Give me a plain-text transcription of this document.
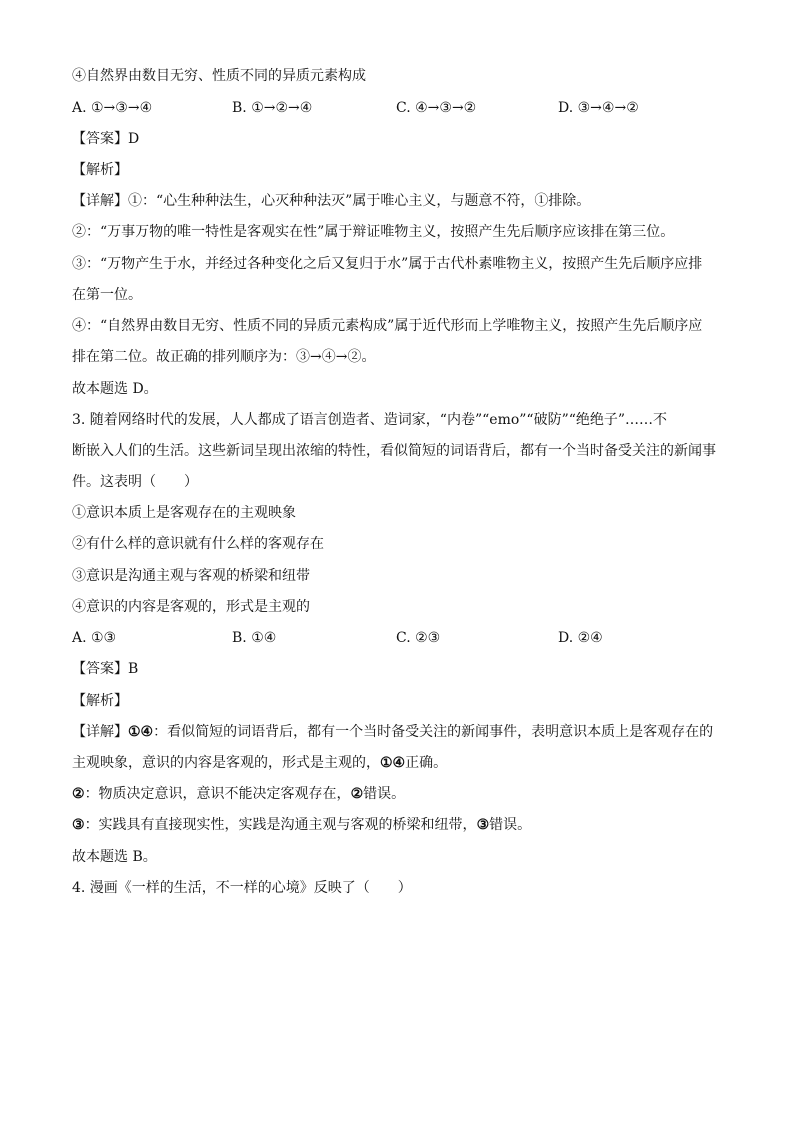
④自然界由数目无穷、性质不同的异质元素构成
A. ①→③→④	B. ①→②→④	C. ④→③→②	D. ③→④→②
【答案】D
【解析】
【详解】①：“心生种种法生，心灭种种法灭”属于唯心主义，与题意不符，①排除。
②：“万事万物的唯一特性是客观实在性”属于辩证唯物主义，按照产生先后顺序应该排在第三位。
③：“万物产生于水，并经过各种变化之后又复归于水”属于古代朴素唯物主义，按照产生先后顺序应排
在第一位。
④：“自然界由数目无穷、性质不同的异质元素构成”属于近代形而上学唯物主义，按照产生先后顺序应
排在第二位。故正确的排列顺序为：③→④→②。
故本题选 D。
3. 随着网络时代的发展，人人都成了语言创造者、造词家，“内卷”“emo”“破防”“绝绝子”……不
断嵌入人们的生活。这些新词呈现出浓缩的特性，看似简短的词语背后，都有一个当时备受关注的新闻事
件。这表明（　　）
①意识本质上是客观存在的主观映象
②有什么样的意识就有什么样的客观存在
③意识是沟通主观与客观的桥梁和纽带
④意识的内容是客观的，形式是主观的
A. ①③	B. ①④	C. ②③	D. ②④
【答案】B
【解析】
【详解】①④：看似简短的词语背后，都有一个当时备受关注的新闻事件，表明意识本质上是客观存在的
主观映象，意识的内容是客观的，形式是主观的，①④正确。
②：物质决定意识，意识不能决定客观存在，②错误。
③：实践具有直接现实性，实践是沟通主观与客观的桥梁和纽带，③错误。
故本题选 B。
4. 漫画《一样的生活，不一样的心境》反映了（　　）
